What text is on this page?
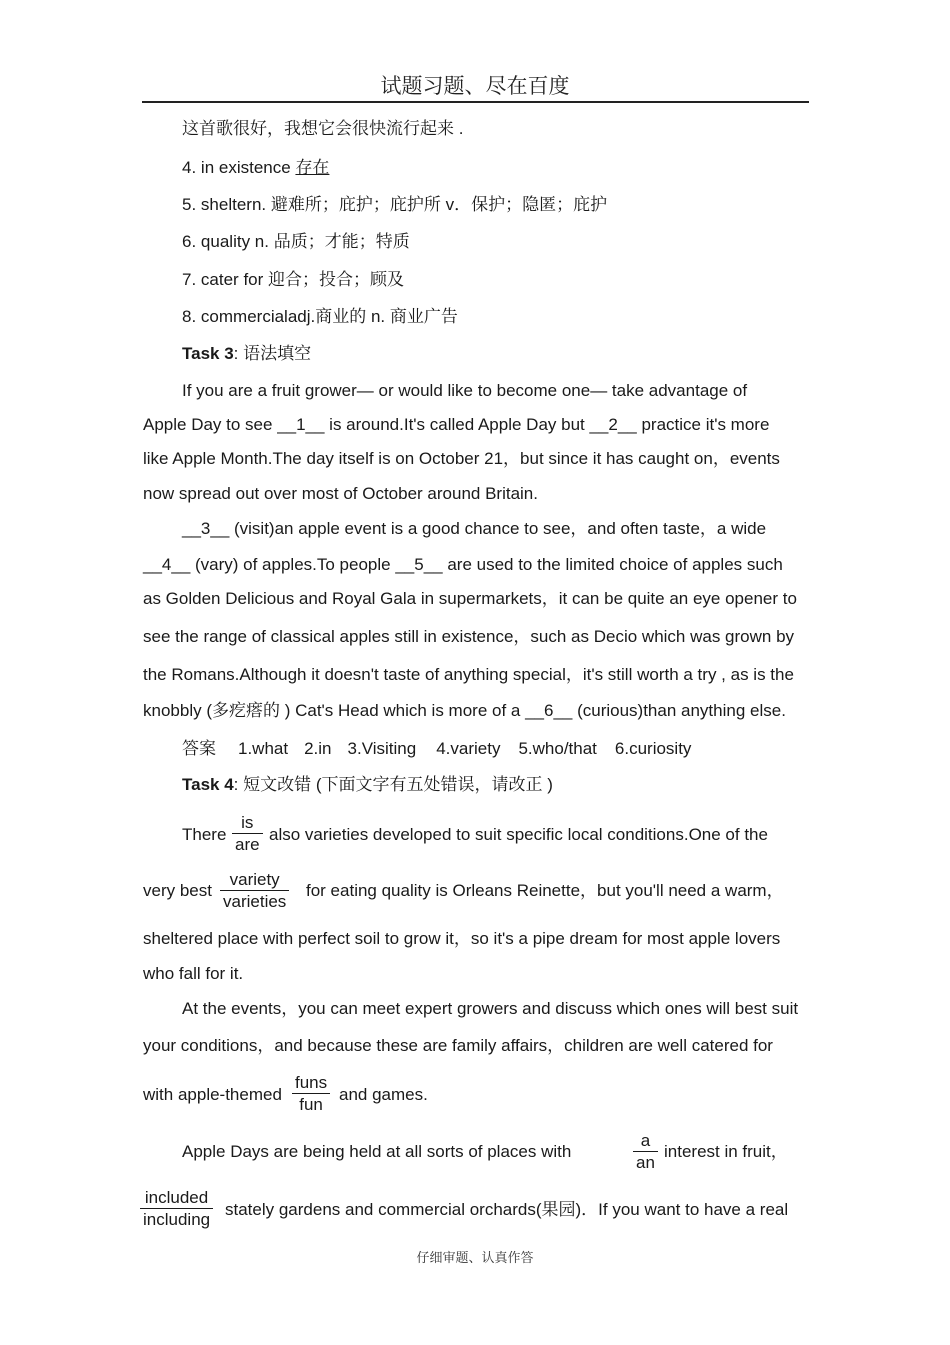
试题习题、尽在百度
这首歌很好，我想它会很快流行起来 .
4. in existence 存在
5. sheltern. 避难所；庇护；庇护所 v．保护；隐匿；庇护
6. quality n. 品质；才能；特质
7. cater for 迎合；投合；顾及
8. commercialadj.商业的 n. 商业广告
Task 3: 语法填空
If you are a fruit grower— or would like to become one— take advantage of
Apple Day to see __1__ is around.It's called Apple Day but __2__ practice it's more
like Apple Month.The day itself is on October 21，but since it has caught on，events
now spread out over most of October around Britain.
__3__ (visit)an apple event is a good chance to see，and often taste，a wide
__4__ (vary) of apples.To people __5__ are used to the limited choice of apples such
as Golden Delicious and Royal Gala in supermarkets，it can be quite an eye opener to
see the range of classical apples still in existence，such as Decio which was grown by
the Romans.Although it doesn't taste of anything special，it's still worth a try , as is the
knobbly (多疙瘩的 ) Cat's Head which is more of a __6__ (curious)than anything else.
答案 1.what 2.in 3.Visiting 4.variety 5.who/that 6.curiosity
Task 4: 短文改错 (下面文字有五处错误，请改正 )
There
is
are
also varieties developed to suit specific local conditions.One of the
very best
variety
varieties
for eating quality is Orleans Reinette，but you'll need a warm，
sheltered place with perfect soil to grow it，so it's a pipe dream for most apple lovers
who fall for it.
At the events，you can meet expert growers and discuss which ones will best suit
your conditions，and because these are family affairs，children are well catered for
with apple-themed
funs
fun
and games.
Apple Days are being held at all sorts of places with	$\frac{a}{an}$ interest in fruit，
included
including
stately gardens and commercial orchards(果园)．If you want to have a real
仔细审题、认真作答
